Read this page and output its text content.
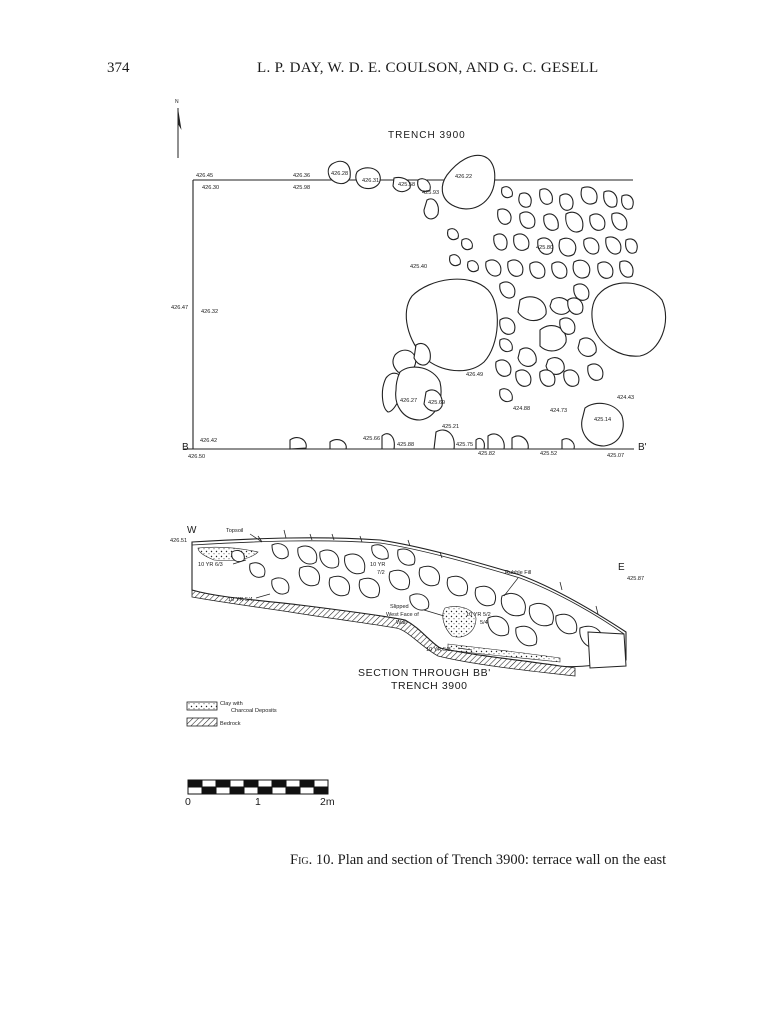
374	L. P. DAY, W. D. E. COULSON, AND G. C. GESELL
N
TRENCH 3900
426.45
426.30
426.36
425.98
426.28
426.31
425.58
425.93
426.22
425.80
425.40
426.47
426.32
426.49
426.27 425.69
425.21
424.88	424.73
424.43
425.14
426.42
426.50
425.66
425.88	425.75
425.82	425.52	425.07
B	B'
W
E
426.51
425.87
Topsoil
10 YR 6/3	10 YR
7/2
10 YR 5/4
Rubble Fill
Slipped
West Face of
Wall
10 YR 5/2
5/4
10 YR 5/3
SECTION THROUGH BB'
TRENCH 3900
Clay with
Charcoal Deposits
Bedrock
0	1	2m
Fig. 10. Plan and section of Trench 3900: terrace wall on the east
